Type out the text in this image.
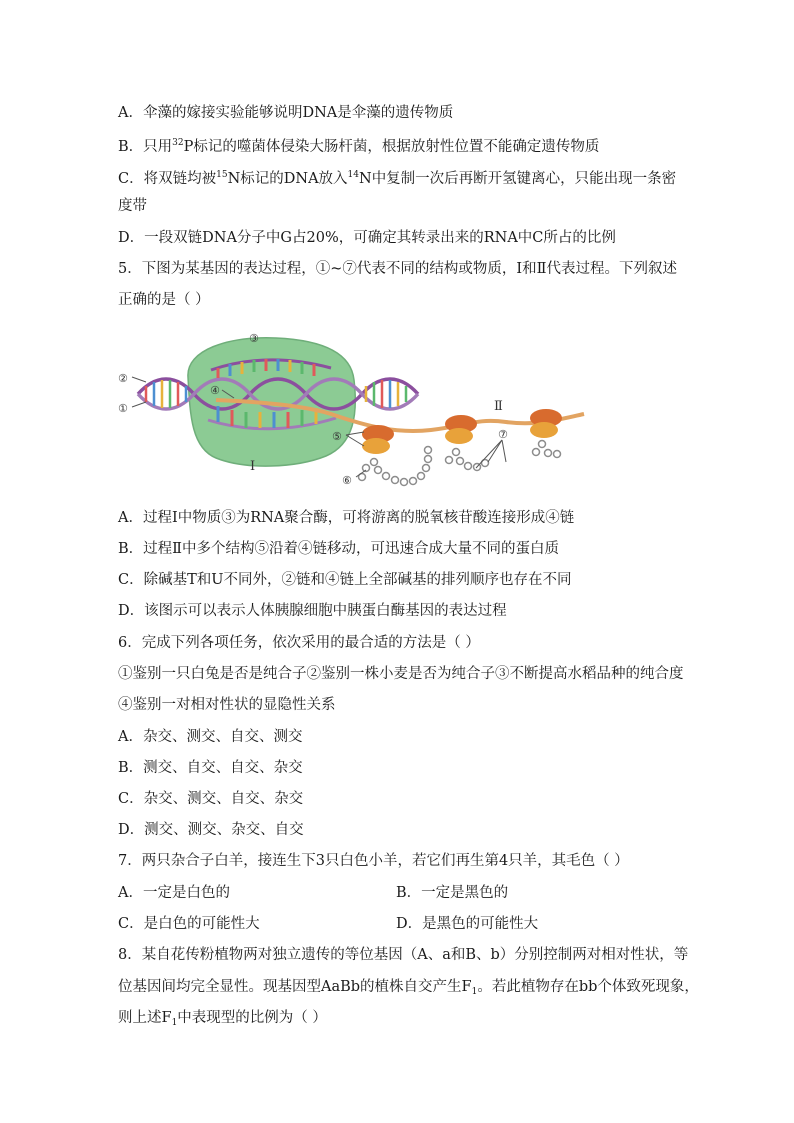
A．伞藻的嫁接实验能够说明DNA是伞藻的遗传物质
B．只用$^{32}$P标记的噬菌体侵染大肠杆菌，根据放射性位置不能确定遗传物质
C．将双链均被$^{15}$N标记的DNA放入$^{14}$N中复制一次后再断开氢键离心，只能出现一条密
度带
D．一段双链DNA分子中G占20%，可确定其转录出来的RNA中C所占的比例
5．下图为某基因的表达过程，①~⑦代表不同的结构或物质，Ⅰ和Ⅱ代表过程。下列叙述
正确的是（ ）
②
①
③
④
⑤
⑥
⑦
Ⅰ
Ⅱ
A．过程Ⅰ中物质③为RNA聚合酶，可将游离的脱氧核苷酸连接形成④链
B．过程Ⅱ中多个结构⑤沿着④链移动，可迅速合成大量不同的蛋白质
C．除碱基T和U不同外，②链和④链上全部碱基的排列顺序也存在不同
D．该图示可以表示人体胰腺细胞中胰蛋白酶基因的表达过程
6．完成下列各项任务，依次采用的最合适的方法是（ ）
①鉴别一只白兔是否是纯合子②鉴别一株小麦是否为纯合子③不断提高水稻品种的纯合度
④鉴别一对相对性状的显隐性关系
A．杂交、测交、自交、测交
B．测交、自交、自交、杂交
C．杂交、测交、自交、杂交
D．测交、测交、杂交、自交
7．两只杂合子白羊，接连生下3只白色小羊，若它们再生第4只羊，其毛色（ ）
A．一定是白色的	B．一定是黑色的
C．是白色的可能性大	D．是黑色的可能性大
8．某自花传粉植物两对独立遗传的等位基因（A、a和B、b）分别控制两对相对性状，等
位基因间均完全显性。现基因型AaBb的植株自交产生$F_1$。若此植物存在bb个体致死现象，
则上述$F_1$中表现型的比例为（ ）
